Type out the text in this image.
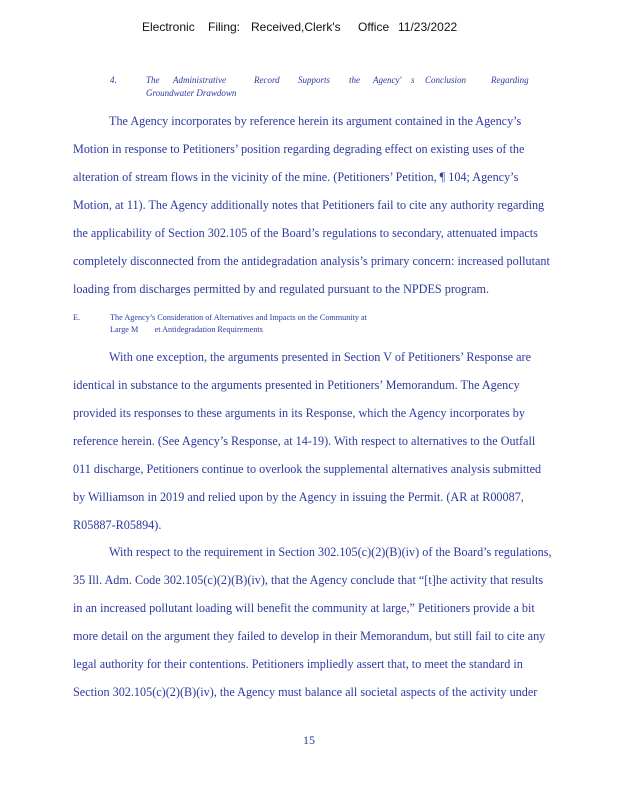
Electronic Filing: Received,Clerk's Office 11/23/2022
4.	The Administrative	Record Supports the Agency' s Conclusion	Regarding
Groundwater Drawdown
The Agency incorporates by reference herein its argument contained in the Agency’s
Motion in response to Petitioners’ position regarding degrading effect on existing uses of the
alteration of stream flows in the vicinity of the mine. (Petitioners’ Petition, ¶ 104; Agency’s
Motion, at 11). The Agency additionally notes that Petitioners fail to cite any authority regarding
the applicability of Section 302.105 of the Board’s regulations to secondary, attenuated impacts
completely disconnected from the antidegradation analysis’s primary concern: increased pollutant
loading from discharges permitted by and regulated pursuant to the NPDES program.
E.	The Agency’s Consideration of Alternatives and Impacts on the Community at
Large M        et Antidegradation Requirements
With one exception, the arguments presented in Section V of Petitioners’ Response are
identical in substance to the arguments presented in Petitioners’ Memorandum. The Agency
provided its responses to these arguments in its Response, which the Agency incorporates by
reference herein. (See Agency’s Response, at 14-19). With respect to alternatives to the Outfall
011 discharge, Petitioners continue to overlook the supplemental alternatives analysis submitted
by Williamson in 2019 and relied upon by the Agency in issuing the Permit. (AR at R00087,
R05887-R05894).
With respect to the requirement in Section 302.105(c)(2)(B)(iv) of the Board’s regulations,
35 Ill. Adm. Code 302.105(c)(2)(B)(iv), that the Agency conclude that “[t]he activity that results
in an increased pollutant loading will benefit the community at large,” Petitioners provide a bit
more detail on the argument they failed to develop in their Memorandum, but still fail to cite any
legal authority for their contentions. Petitioners impliedly assert that, to meet the standard in
Section 302.105(c)(2)(B)(iv), the Agency must balance all societal aspects of the activity under
15
